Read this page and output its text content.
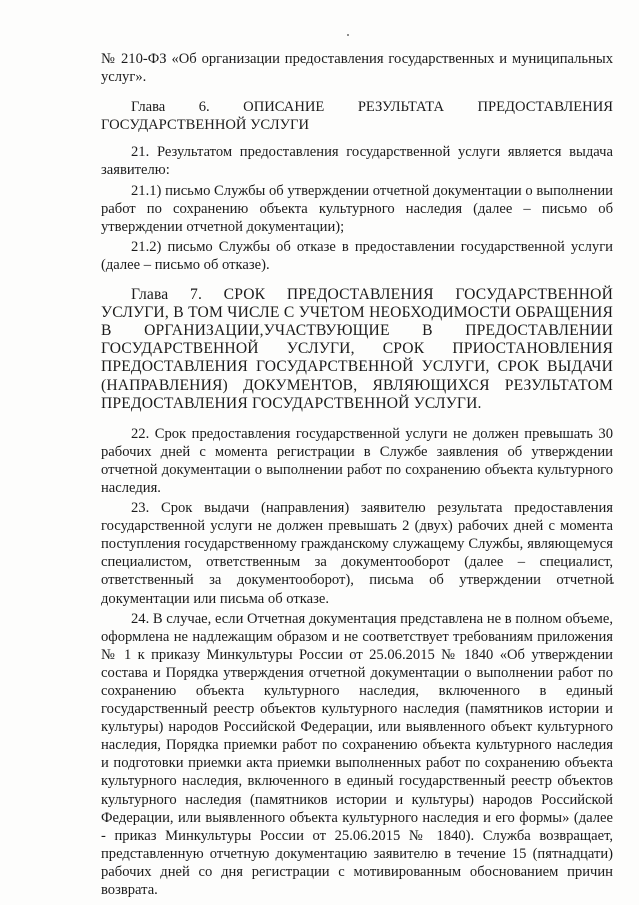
№ 210-ФЗ «Об организации предоставления государственных и муниципальных услуг».

Глава 6. ОПИСАНИЕ РЕЗУЛЬТАТА ПРЕДОСТАВЛЕНИЯ ГОСУДАРСТВЕННОЙ УСЛУГИ

21. Результатом предоставления государственной услуги является выдача заявителю:

21.1) письмо Службы об утверждении отчетной документации о выполнении работ по сохранению объекта культурного наследия (далее – письмо об утверждении отчетной документации);

21.2) письмо Службы об отказе в предоставлении государственной услуги (далее – письмо об отказе).

Глава 7. СРОК ПРЕДОСТАВЛЕНИЯ ГОСУДАРСТВЕННОЙ УСЛУГИ, В ТОМ ЧИСЛЕ С УЧЕТОМ НЕОБХОДИМОСТИ ОБРАЩЕНИЯ В ОРГАНИЗАЦИИ,УЧАСТВУЮЩИЕ В ПРЕДОСТАВЛЕНИИ ГОСУДАРСТВЕННОЙ УСЛУГИ, СРОК ПРИОСТАНОВЛЕНИЯ ПРЕДОСТАВЛЕНИЯ ГОСУДАРСТВЕННОЙ УСЛУГИ, СРОК ВЫДАЧИ (НАПРАВЛЕНИЯ) ДОКУМЕНТОВ, ЯВЛЯЮЩИХСЯ РЕЗУЛЬТАТОМ ПРЕДОСТАВЛЕНИЯ ГОСУДАРСТВЕННОЙ УСЛУГИ.

22. Срок предоставления государственной услуги не должен превышать 30 рабочих дней с момента регистрации в Службе заявления об утверждении отчетной документации о выполнении работ по сохранению объекта культурного наследия.

23. Срок выдачи (направления) заявителю результата предоставления государственной услуги не должен превышать 2 (двух) рабочих дней с момента поступления государственному гражданскому служащему Службы, являющемуся специалистом, ответственным за документооборот (далее – специалист, ответственный за документооборот), письма об утверждении отчетной документации или письма об отказе.

24. В случае, если Отчетная документация представлена не в полном объеме, оформлена не надлежащим образом и не соответствует требованиям приложения № 1 к приказу Минкультуры России от 25.06.2015 № 1840 «Об утверждении состава и Порядка утверждения отчетной документации о выполнении работ по сохранению объекта культурного наследия, включенного в единый государственный реестр объектов культурного наследия (памятников истории и культуры) народов Российской Федерации, или выявленного объект культурного наследия, Порядка приемки работ по сохранению объекта культурного наследия и подготовки приемки акта приемки выполненных работ по сохранению объекта культурного наследия, включенного в единый государственный реестр объектов культурного наследия (памятников истории и культуры) народов Российской Федерации, или выявленного объекта культурного наследия и его формы» (далее - приказ Минкультуры России от 25.06.2015 № 1840). Служба возвращает, представленную отчетную документацию заявителю в течение 15 (пятнадцати) рабочих дней со дня регистрации с мотивированным обоснованием причин возврата.
